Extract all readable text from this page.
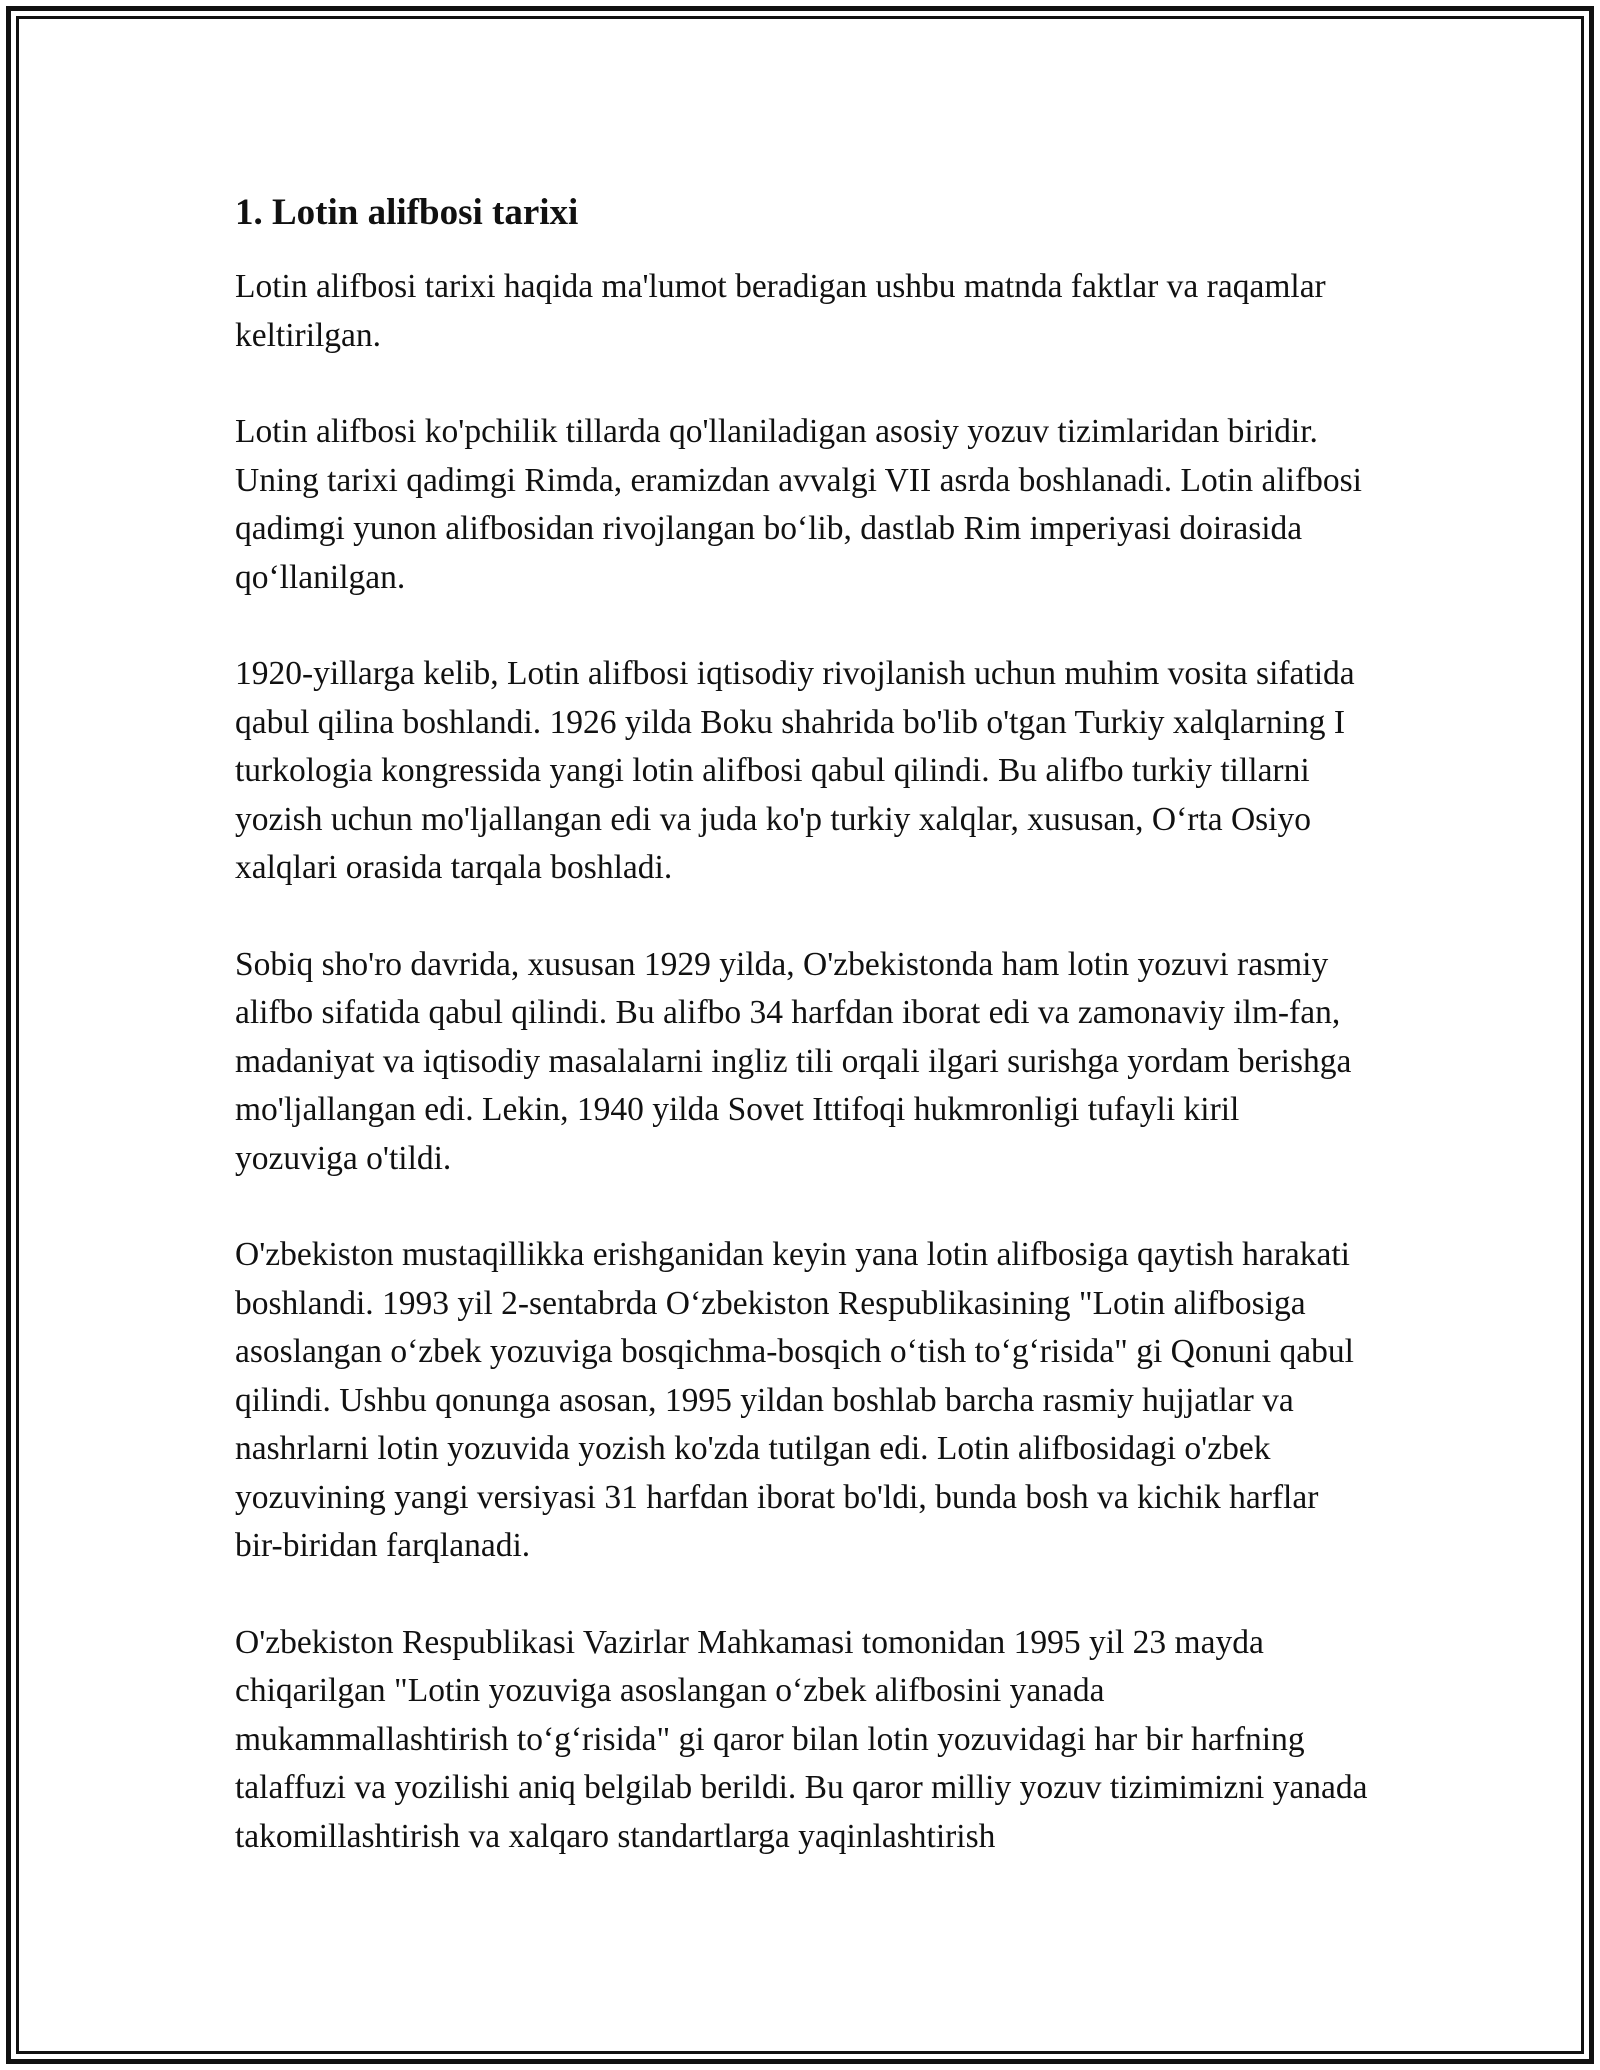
1. Lotin alifbosi tarixi

Lotin alifbosi tarixi haqida ma'lumot beradigan ushbu matnda faktlar va raqamlar keltirilgan.

Lotin alifbosi ko'pchilik tillarda qo'llaniladigan asosiy yozuv tizimlaridan biridir. Uning tarixi qadimgi Rimda, eramizdan avvalgi VII asrda boshlanadi. Lotin alifbosi qadimgi yunon alifbosidan rivojlangan bo‘lib, dastlab Rim imperiyasi doirasida qo‘llanilgan.

1920-yillarga kelib, Lotin alifbosi iqtisodiy rivojlanish uchun muhim vosita sifatida qabul qilina boshlandi. 1926 yilda Boku shahrida bo'lib o'tgan Turkiy xalqlarning I turkologia kongressida yangi lotin alifbosi qabul qilindi. Bu alifbo turkiy tillarni yozish uchun mo'ljallangan edi va juda ko'p turkiy xalqlar, xususan, O‘rta Osiyo xalqlari orasida tarqala boshladi.

Sobiq sho'ro davrida, xususan 1929 yilda, O'zbekistonda ham lotin yozuvi rasmiy alifbo sifatida qabul qilindi. Bu alifbo 34 harfdan iborat edi va zamonaviy ilm-fan, madaniyat va iqtisodiy masalalarni ingliz tili orqali ilgari surishga yordam berishga mo'ljallangan edi. Lekin, 1940 yilda Sovet Ittifoqi hukmronligi tufayli kiril yozuviga o'tildi.

O'zbekiston mustaqillikka erishganidan keyin yana lotin alifbosiga qaytish harakati boshlandi. 1993 yil 2-sentabrda O‘zbekiston Respublikasining "Lotin alifbosiga asoslangan o‘zbek yozuviga bosqichma-bosqich o‘tish to‘g‘risida" gi Qonuni qabul qilindi. Ushbu qonunga asosan, 1995 yildan boshlab barcha rasmiy hujjatlar va nashrlarni lotin yozuvida yozish ko'zda tutilgan edi. Lotin alifbosidagi o'zbek yozuvining yangi versiyasi 31 harfdan iborat bo'ldi, bunda bosh va kichik harflar bir-biridan farqlanadi.

O'zbekiston Respublikasi Vazirlar Mahkamasi tomonidan 1995 yil 23 mayda chiqarilgan "Lotin yozuviga asoslangan o‘zbek alifbosini yanada mukammallashtirish to‘g‘risida" gi qaror bilan lotin yozuvidagi har bir harfning talaffuzi va yozilishi aniq belgilab berildi. Bu qaror milliy yozuv tizimimizni yanada takomillashtirish va xalqaro standartlarga yaqinlashtirish
